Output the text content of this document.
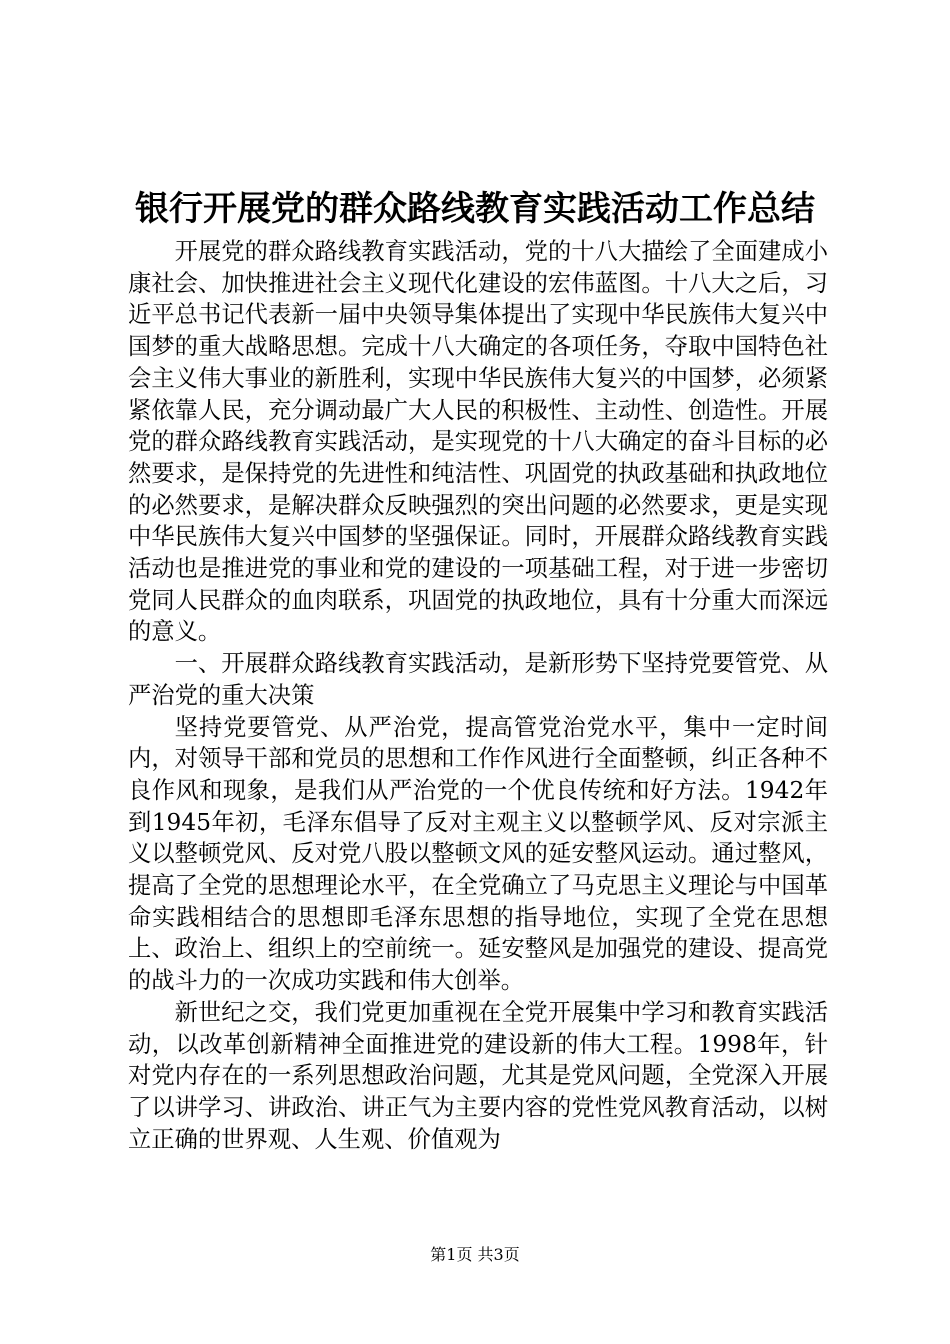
银行开展党的群众路线教育实践活动工作总结

开展党的群众路线教育实践活动，党的十八大描绘了全面建成小康社会、加快推进社会主义现代化建设的宏伟蓝图。十八大之后，习近平总书记代表新一届中央领导集体提出了实现中华民族伟大复兴中国梦的重大战略思想。完成十八大确定的各项任务，夺取中国特色社会主义伟大事业的新胜利，实现中华民族伟大复兴的中国梦，必须紧紧依靠人民，充分调动最广大人民的积极性、主动性、创造性。开展党的群众路线教育实践活动，是实现党的十八大确定的奋斗目标的必然要求，是保持党的先进性和纯洁性、巩固党的执政基础和执政地位的必然要求，是解决群众反映强烈的突出问题的必然要求，更是实现中华民族伟大复兴中国梦的坚强保证。同时，开展群众路线教育实践活动也是推进党的事业和党的建设的一项基础工程，对于进一步密切党同人民群众的血肉联系，巩固党的执政地位，具有十分重大而深远的意义。

一、开展群众路线教育实践活动，是新形势下坚持党要管党、从严治党的重大决策

坚持党要管党、从严治党，提高管党治党水平，集中一定时间内，对领导干部和党员的思想和工作作风进行全面整顿，纠正各种不良作风和现象，是我们从严治党的一个优良传统和好方法。1942年到1945年初，毛泽东倡导了反对主观主义以整顿学风、反对宗派主义以整顿党风、反对党八股以整顿文风的延安整风运动。通过整风，提高了全党的思想理论水平，在全党确立了马克思主义理论与中国革命实践相结合的思想即毛泽东思想的指导地位，实现了全党在思想上、政治上、组织上的空前统一。延安整风是加强党的建设、提高党的战斗力的一次成功实践和伟大创举。

新世纪之交，我们党更加重视在全党开展集中学习和教育实践活动，以改革创新精神全面推进党的建设新的伟大工程。1998年，针对党内存在的一系列思想政治问题，尤其是党风问题，全党深入开展了以讲学习、讲政治、讲正气为主要内容的党性党风教育活动，以树立正确的世界观、人生观、价值观为

第1页 共3页
